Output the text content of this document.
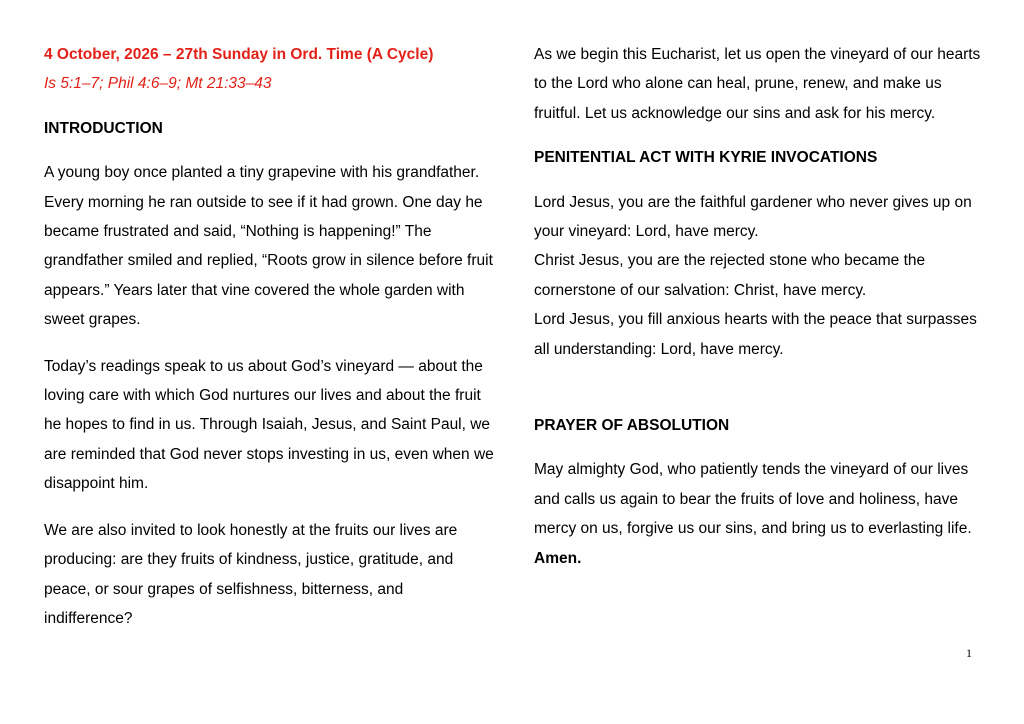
4 October, 2026 – 27th Sunday in Ord. Time (A Cycle)

Is 5:1–7; Phil 4:6–9; Mt 21:33–43

INTRODUCTION

A young boy once planted a tiny grapevine with his grandfather. Every morning he ran outside to see if it had grown. One day he became frustrated and said, “Nothing is happening!” The grandfather smiled and replied, “Roots grow in silence before fruit appears.” Years later that vine covered the whole garden with sweet grapes.

Today’s readings speak to us about God’s vineyard — about the loving care with which God nurtures our lives and about the fruit he hopes to find in us. Through Isaiah, Jesus, and Saint Paul, we are reminded that God never stops investing in us, even when we disappoint him.

We are also invited to look honestly at the fruits our lives are producing: are they fruits of kindness, justice, gratitude, and peace, or sour grapes of selfishness, bitterness, and indifference?

As we begin this Eucharist, let us open the vineyard of our hearts to the Lord who alone can heal, prune, renew, and make us fruitful. Let us acknowledge our sins and ask for his mercy.

PENITENTIAL ACT WITH KYRIE INVOCATIONS

Lord Jesus, you are the faithful gardener who never gives up on your vineyard: Lord, have mercy.

Christ Jesus, you are the rejected stone who became the cornerstone of our salvation: Christ, have mercy.

Lord Jesus, you fill anxious hearts with the peace that surpasses all understanding: Lord, have mercy.

PRAYER OF ABSOLUTION

May almighty God, who patiently tends the vineyard of our lives and calls us again to bear the fruits of love and holiness, have mercy on us, forgive us our sins, and bring us to everlasting life.

Amen.

1
